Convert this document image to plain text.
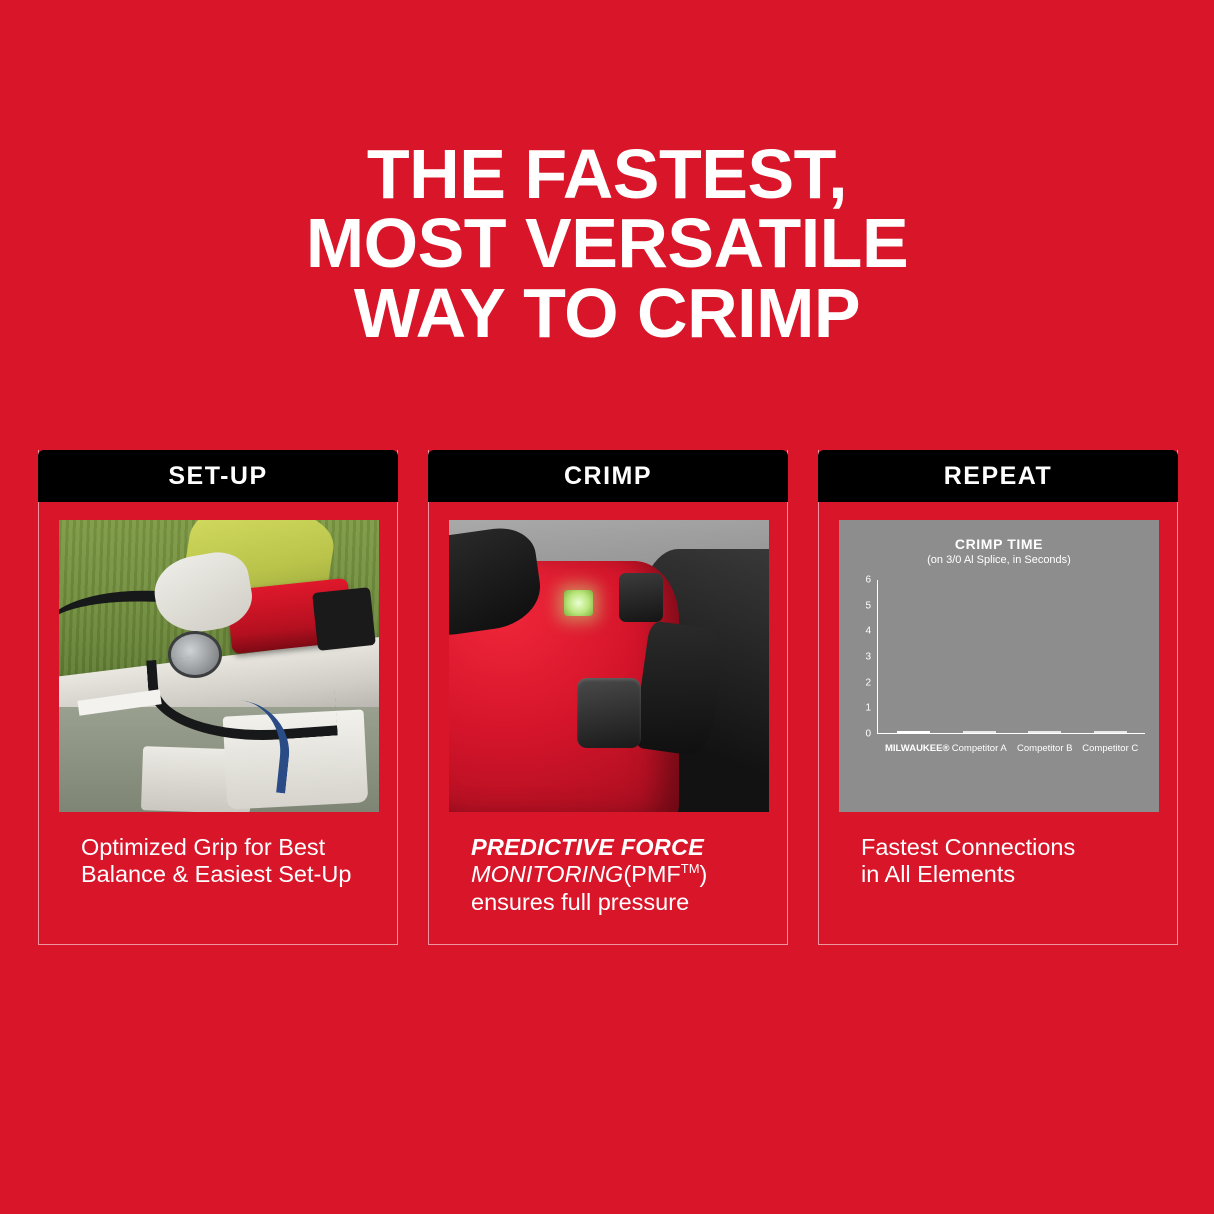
THE FASTEST,
MOST VERSATILE
WAY TO CRIMP
SET-UP
Optimized Grip for Best
Balance & Easiest Set-Up
CRIMP
PREDICTIVE FORCE
MONITORING(PMF™)
ensures full pressure
REPEAT
CRIMP TIME
(on 3/0 Al Splice, in Seconds)
6
5
4
3
2
1
0
MILWAUKEE® Competitor A Competitor B Competitor C
Fastest Connections
in All Elements
